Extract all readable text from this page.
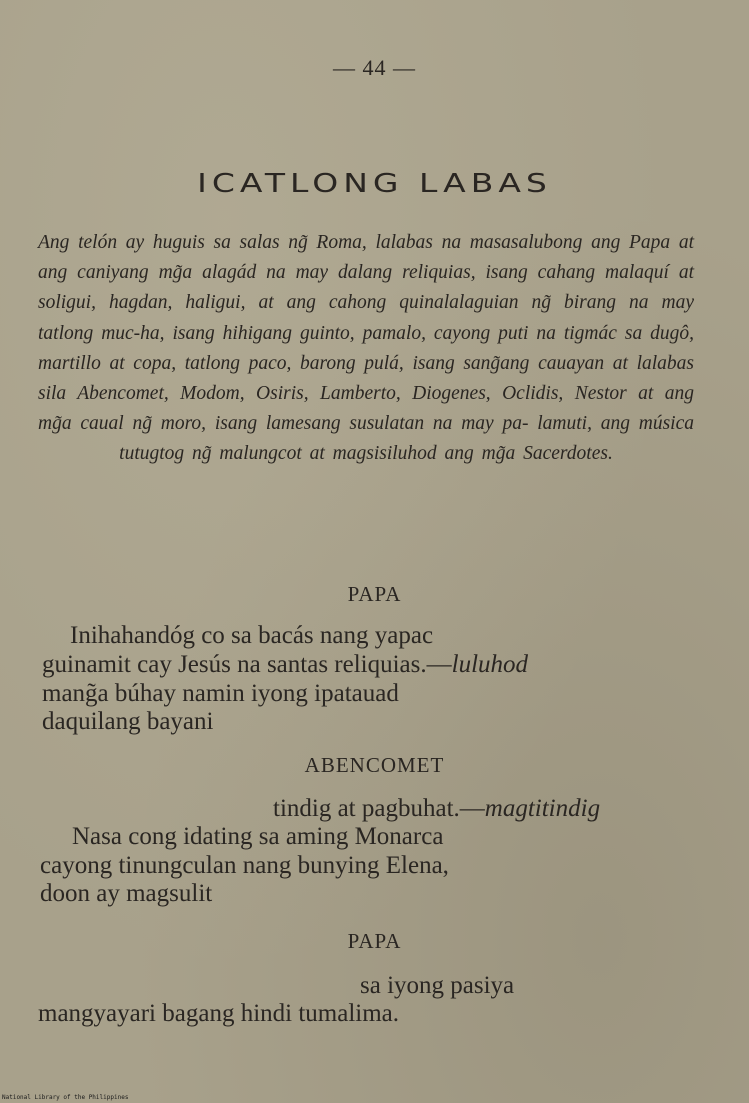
— 44 —
ICATLONG LABAS
Ang telón ay huguis sa salas ng̃ Roma, lalabas na masasalubong ang Papa at ang caniyang mg̃a alagád na may dalang reliquias, isang cahang malaquí at soligui, hagdan, haligui, at ang cahong quinalalaguian ng̃ birang na may tatlong muc-ha, isang hihigang guinto, pamalo, cayong puti na tigmác sa dugô, martillo at copa, tatlong paco, barong pulá, isang sang̃ang cauayan at lalabas sila Abencomet, Modom, Osiris, Lamberto, Diogenes, Oclidis, Nestor at ang mg̃a caual ng̃ moro, isang lamesang susulatan na may pa- lamuti, ang música tutugtog ng̃ malungcot at magsisiluhod ang mg̃a Sacerdotes.
PAPA
Inihahandóg co sa bacás nang yapac
guinamit cay Jesús na santas reliquias.—luluhod
mang̃a búhay namin iyong ipatauad
daquilang bayani
ABENCOMET
tindig at pagbuhat.—magtitindig
Nasa cong idating sa aming Monarca
cayong tinungculan nang bunying Elena,
doon ay magsulit
PAPA
sa iyong pasiya
mangyayari bagang hindi tumalima.
National Library of the Philippines
